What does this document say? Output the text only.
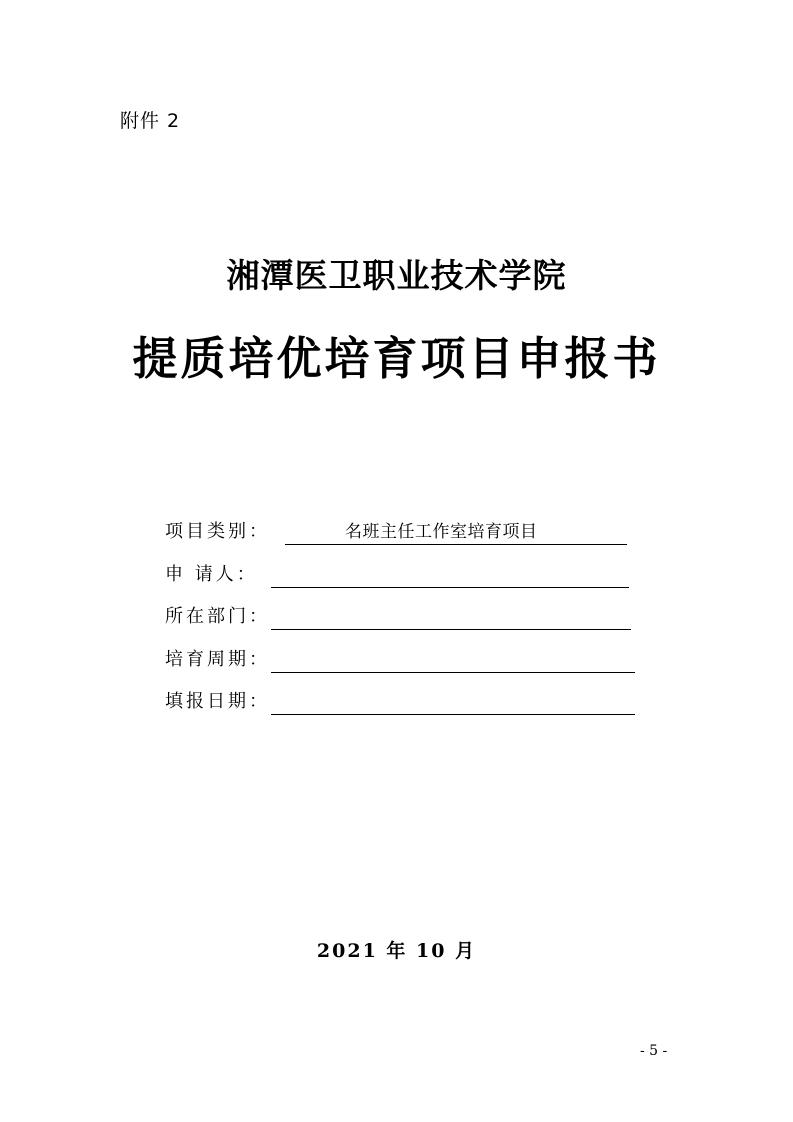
附件 2
湘潭医卫职业技术学院
提质培优培育项目申报书
项目类别：	名班主任工作室培育项目
申 请人：
所在部门：
培育周期：
填报日期：
2021 年 10 月
- 5 -
